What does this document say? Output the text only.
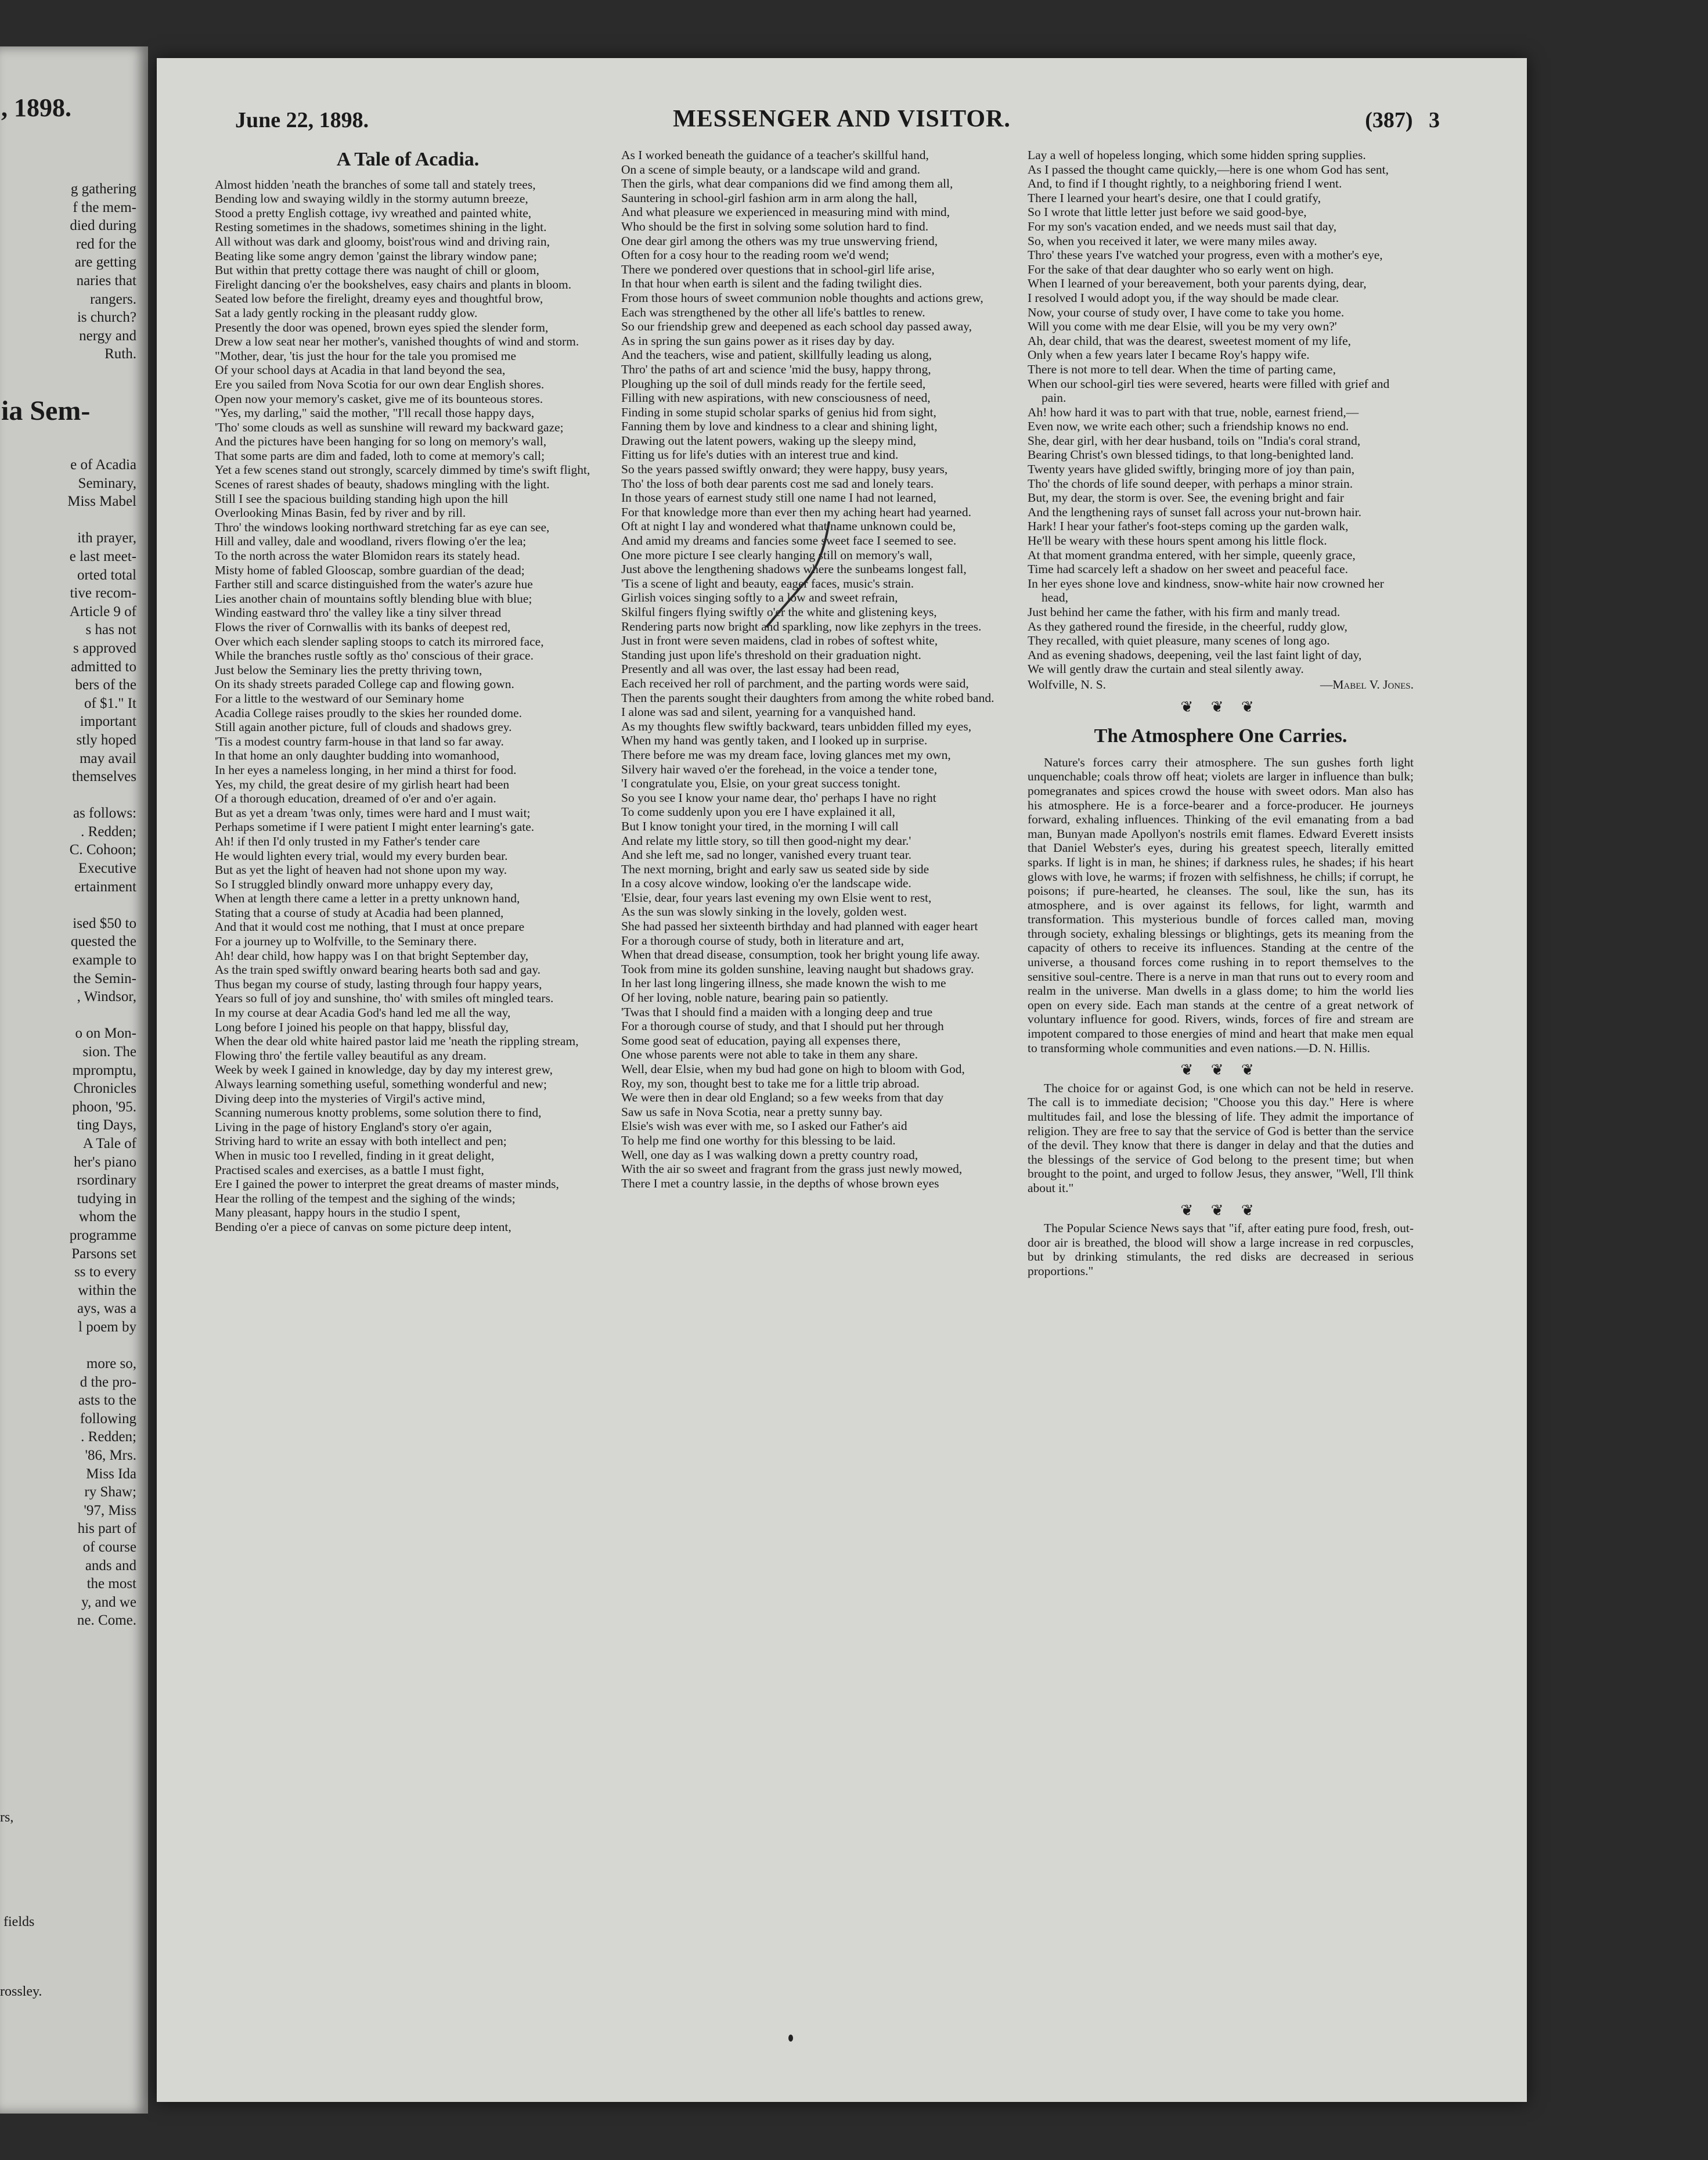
, 1898.
g gathering
f the mem-
died during
red for the
are getting
naries that
rangers.
is church?
nergy and
Ruth.
ia Sem-
e of Acadia
Seminary,
Miss Mabel

ith prayer,
e last meet-
orted total
tive recom-
Article 9 of
s has not
s approved
admitted to
bers of the
of $1." It
important
stly hoped
may avail
themselves

as follows:
. Redden;
C. Cohoon;
Executive
ertainment

ised $50 to
quested the
example to
the Semin-
, Windsor,

o on Mon-
sion. The
mpromptu,
Chronicles
phoon, '95.
ting Days,
A Tale of
her's piano
rsordinary
tudying in
whom the
programme
Parsons set
ss to every
within the
ays, was a
l poem by

more so,
d the pro-
asts to the
following
. Redden;
'86, Mrs.
Miss Ida
ry Shaw;
'97, Miss
his part of
of course
ands and
the most
y, and we
ne. Come.
rs,

fields

rossley.
June 22, 1898.	MESSENGER AND VISITOR.	(387) 3
A Tale of Acadia.
Almost hidden 'neath the branches of some tall and stately trees,
Bending low and swaying wildly in the stormy autumn breeze,
Stood a pretty English cottage, ivy wreathed and painted white,
Resting sometimes in the shadows, sometimes shining in the light.
All without was dark and gloomy, boist'rous wind and driving rain,
Beating like some angry demon 'gainst the library window pane;
But within that pretty cottage there was naught of chill or gloom,
Firelight dancing o'er the bookshelves, easy chairs and plants in bloom.
Seated low before the firelight, dreamy eyes and thoughtful brow,
Sat a lady gently rocking in the pleasant ruddy glow.
Presently the door was opened, brown eyes spied the slender form,
Drew a low seat near her mother's, vanished thoughts of wind and storm.
"Mother, dear, 'tis just the hour for the tale you promised me
Of your school days at Acadia in that land beyond the sea,
Ere you sailed from Nova Scotia for our own dear English shores.
Open now your memory's casket, give me of its bounteous stores.
"Yes, my darling," said the mother, "I'll recall those happy days,
'Tho' some clouds as well as sunshine will reward my backward gaze;
And the pictures have been hanging for so long on memory's wall,
That some parts are dim and faded, loth to come at memory's call;
Yet a few scenes stand out strongly, scarcely dimmed by time's swift flight,
Scenes of rarest shades of beauty, shadows mingling with the light.
Still I see the spacious building standing high upon the hill
Overlooking Minas Basin, fed by river and by rill.
Thro' the windows looking northward stretching far as eye can see,
Hill and valley, dale and woodland, rivers flowing o'er the lea;
To the north across the water Blomidon rears its stately head.
Misty home of fabled Glooscap, sombre guardian of the dead;
Farther still and scarce distinguished from the water's azure hue
Lies another chain of mountains softly blending blue with blue;
Winding eastward thro' the valley like a tiny silver thread
Flows the river of Cornwallis with its banks of deepest red,
Over which each slender sapling stoops to catch its mirrored face,
While the branches rustle softly as tho' conscious of their grace.
Just below the Seminary lies the pretty thriving town,
On its shady streets paraded College cap and flowing gown.
For a little to the westward of our Seminary home
Acadia College raises proudly to the skies her rounded dome.
Still again another picture, full of clouds and shadows grey.
'Tis a modest country farm-house in that land so far away.
In that home an only daughter budding into womanhood,
In her eyes a nameless longing, in her mind a thirst for food.
Yes, my child, the great desire of my girlish heart had been
Of a thorough education, dreamed of o'er and o'er again.
But as yet a dream 'twas only, times were hard and I must wait;
Perhaps sometime if I were patient I might enter learning's gate.
Ah! if then I'd only trusted in my Father's tender care
He would lighten every trial, would my every burden bear.
But as yet the light of heaven had not shone upon my way.
So I struggled blindly onward more unhappy every day,
When at length there came a letter in a pretty unknown hand,
Stating that a course of study at Acadia had been planned,
And that it would cost me nothing, that I must at once prepare
For a journey up to Wolfville, to the Seminary there.
Ah! dear child, how happy was I on that bright September day,
As the train sped swiftly onward bearing hearts both sad and gay.
Thus began my course of study, lasting through four happy years,
Years so full of joy and sunshine, tho' with smiles oft mingled tears.
In my course at dear Acadia God's hand led me all the way,
Long before I joined his people on that happy, blissful day,
When the dear old white haired pastor laid me 'neath the rippling stream,
Flowing thro' the fertile valley beautiful as any dream.
Week by week I gained in knowledge, day by day my interest grew,
Always learning something useful, something wonderful and new;
Diving deep into the mysteries of Virgil's active mind,
Scanning numerous knotty problems, some solution there to find,
Living in the page of history England's story o'er again,
Striving hard to write an essay with both intellect and pen;
When in music too I revelled, finding in it great delight,
Practised scales and exercises, as a battle I must fight,
Ere I gained the power to interpret the great dreams of master minds,
Hear the rolling of the tempest and the sighing of the winds;
Many pleasant, happy hours in the studio I spent,
Bending o'er a piece of canvas on some picture deep intent,
As I worked beneath the guidance of a teacher's skillful hand,
On a scene of simple beauty, or a landscape wild and grand.
Then the girls, what dear companions did we find among them all,
Sauntering in school-girl fashion arm in arm along the hall,
And what pleasure we experienced in measuring mind with mind,
Who should be the first in solving some solution hard to find.
One dear girl among the others was my true unswerving friend,
Often for a cosy hour to the reading room we'd wend;
There we pondered over questions that in school-girl life arise,
In that hour when earth is silent and the fading twilight dies.
From those hours of sweet communion noble thoughts and actions grew,
Each was strengthened by the other all life's battles to renew.
So our friendship grew and deepened as each school day passed away,
As in spring the sun gains power as it rises day by day.
And the teachers, wise and patient, skillfully leading us along,
Thro' the paths of art and science 'mid the busy, happy throng,
Ploughing up the soil of dull minds ready for the fertile seed,
Filling with new aspirations, with new consciousness of need,
Finding in some stupid scholar sparks of genius hid from sight,
Fanning them by love and kindness to a clear and shining light,
Drawing out the latent powers, waking up the sleepy mind,
Fitting us for life's duties with an interest true and kind.
So the years passed swiftly onward; they were happy, busy years,
Tho' the loss of both dear parents cost me sad and lonely tears.
In those years of earnest study still one name I had not learned,
For that knowledge more than ever then my aching heart had yearned.
Oft at night I lay and wondered what that name unknown could be,
And amid my dreams and fancies some sweet face I seemed to see.
One more picture I see clearly hanging still on memory's wall,
Just above the lengthening shadows where the sunbeams longest fall,
'Tis a scene of light and beauty, eager faces, music's strain.
Girlish voices singing softly to a low and sweet refrain,
Skilful fingers flying swiftly o'er the white and glistening keys,
Rendering parts now bright and sparkling, now like zephyrs in the trees.
Just in front were seven maidens, clad in robes of softest white,
Standing just upon life's threshold on their graduation night.
Presently and all was over, the last essay had been read,
Each received her roll of parchment, and the parting words were said,
Then the parents sought their daughters from among the white robed band.
I alone was sad and silent, yearning for a vanquished hand.
As my thoughts flew swiftly backward, tears unbidden filled my eyes,
When my hand was gently taken, and I looked up in surprise.
There before me was my dream face, loving glances met my own,
Silvery hair waved o'er the forehead, in the voice a tender tone,
'I congratulate you, Elsie, on your great success tonight.
So you see I know your name dear, tho' perhaps I have no right
To come suddenly upon you ere I have explained it all,
But I know tonight your tired, in the morning I will call
And relate my little story, so till then good-night my dear.'
And she left me, sad no longer, vanished every truant tear.
The next morning, bright and early saw us seated side by side
In a cosy alcove window, looking o'er the landscape wide.
'Elsie, dear, four years last evening my own Elsie went to rest,
As the sun was slowly sinking in the lovely, golden west.
She had passed her sixteenth birthday and had planned with eager heart
For a thorough course of study, both in literature and art,
When that dread disease, consumption, took her bright young life away.
Took from mine its golden sunshine, leaving naught but shadows gray.
In her last long lingering illness, she made known the wish to me
Of her loving, noble nature, bearing pain so patiently.
'Twas that I should find a maiden with a longing deep and true
For a thorough course of study, and that I should put her through
Some good seat of education, paying all expenses there,
One whose parents were not able to take in them any share.
Well, dear Elsie, when my bud had gone on high to bloom with God,
Roy, my son, thought best to take me for a little trip abroad.
We were then in dear old England; so a few weeks from that day
Saw us safe in Nova Scotia, near a pretty sunny bay.
Elsie's wish was ever with me, so I asked our Father's aid
To help me find one worthy for this blessing to be laid.
Well, one day as I was walking down a pretty country road,
With the air so sweet and fragrant from the grass just newly mowed,
There I met a country lassie, in the depths of whose brown eyes
Lay a well of hopeless longing, which some hidden spring supplies.
As I passed the thought came quickly,—here is one whom God has sent,
And, to find if I thought rightly, to a neighboring friend I went.
There I learned your heart's desire, one that I could gratify,
So I wrote that little letter just before we said good-bye,
For my son's vacation ended, and we needs must sail that day,
So, when you received it later, we were many miles away.
Thro' these years I've watched your progress, even with a mother's eye,
For the sake of that dear daughter who so early went on high.
When I learned of your bereavement, both your parents dying, dear,
I resolved I would adopt you, if the way should be made clear.
Now, your course of study over, I have come to take you home.
Will you come with me dear Elsie, will you be my very own?'
Ah, dear child, that was the dearest, sweetest moment of my life,
Only when a few years later I became Roy's happy wife.
There is not more to tell dear. When the time of parting came,
When our school-girl ties were severed, hearts were filled with grief and pain.
Ah! how hard it was to part with that true, noble, earnest friend,—
Even now, we write each other; such a friendship knows no end.
She, dear girl, with her dear husband, toils on "India's coral strand,
Bearing Christ's own blessed tidings, to that long-benighted land.
Twenty years have glided swiftly, bringing more of joy than pain,
Tho' the chords of life sound deeper, with perhaps a minor strain.
But, my dear, the storm is over. See, the evening bright and fair
And the lengthening rays of sunset fall across your nut-brown hair.
Hark! I hear your father's foot-steps coming up the garden walk,
He'll be weary with these hours spent among his little flock.
At that moment grandma entered, with her simple, queenly grace,
Time had scarcely left a shadow on her sweet and peaceful face.
In her eyes shone love and kindness, snow-white hair now crowned her head,
Just behind her came the father, with his firm and manly tread.
As they gathered round the fireside, in the cheerful, ruddy glow,
They recalled, with quiet pleasure, many scenes of long ago.
And as evening shadows, deepening, veil the last faint light of day,
We will gently draw the curtain and steal silently away.
Wolfville, N. S.	—Mabel V. Jones.
❦ ❦ ❦
The Atmosphere One Carries.

Nature's forces carry their atmosphere. The sun gushes forth light unquenchable; coals throw off heat; violets are larger in influence than bulk; pomegranates and spices crowd the house with sweet odors. Man also has his atmosphere. He is a force-bearer and a force-producer. He journeys forward, exhaling influences. Thinking of the evil emanating from a bad man, Bunyan made Apollyon's nostrils emit flames. Edward Everett insists that Daniel Webster's eyes, during his greatest speech, literally emitted sparks. If light is in man, he shines; if darkness rules, he shades; if his heart glows with love, he warms; if frozen with selfishness, he chills; if corrupt, he poisons; if pure-hearted, he cleanses. The soul, like the sun, has its atmosphere, and is over against its fellows, for light, warmth and transformation. This mysterious bundle of forces called man, moving through society, exhaling blessings or blightings, gets its meaning from the capacity of others to receive its influences. Standing at the centre of the universe, a thousand forces come rushing in to report themselves to the sensitive soul-centre. There is a nerve in man that runs out to every room and realm in the universe. Man dwells in a glass dome; to him the world lies open on every side. Each man stands at the centre of a great network of voluntary influence for good. Rivers, winds, forces of fire and stream are impotent compared to those energies of mind and heart that make men equal to transforming whole communities and even nations.—D. N. Hillis.

❦ ❦ ❦

The choice for or against God, is one which can not be held in reserve. The call is to immediate decision; "Choose you this day." Here is where multitudes fail, and lose the blessing of life. They admit the importance of religion. They are free to say that the service of God is better than the service of the devil. They know that there is danger in delay and that the duties and the blessings of the service of God belong to the present time; but when brought to the point, and urged to follow Jesus, they answer, "Well, I'll think about it."

❦ ❦ ❦

The Popular Science News says that "if, after eating pure food, fresh, out-door air is breathed, the blood will show a large increase in red corpuscles, but by drinking stimulants, the red disks are decreased in serious proportions."
